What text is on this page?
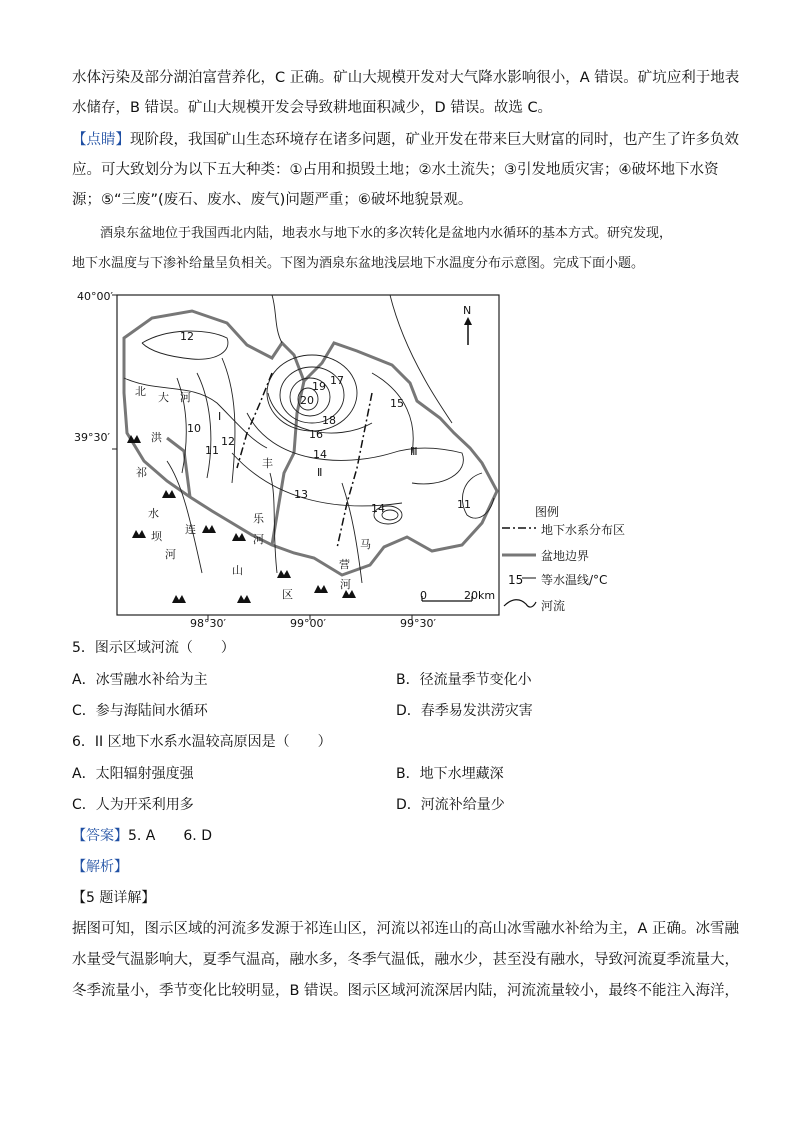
水体污染及部分湖泊富营养化，C 正确。矿山大规模开发对大气降水影响很小，A 错误。矿坑应利于地表
水储存，B 错误。矿山大规模开发会导致耕地面积减少，D 错误。故选 C。
【点睛】现阶段，我国矿山生态环境存在诸多问题，矿业开发在带来巨大财富的同时，也产生了许多负效
应。可大致划分为以下五大种类：①占用和损毁土地；②水土流失；③引发地质灾害；④破坏地下水资
源；⑤“三废”(废石、废水、废气)问题严重；⑥破坏地貌景观。
酒泉东盆地位于我国西北内陆，地表水与地下水的多次转化是盆地内水循环的基本方式。研究发现，
地下水温度与下渗补给量呈负相关。下图为酒泉东盆地浅层地下水温度分布示意图。完成下面小题。
40°00′
39°30′
98°30′	99°00′	99°30′
N
0	20km
12
19 17
20
18
16
15
14
10
12
11
13
14	11
Ⅰ
Ⅱ
Ⅲ
北 大 河
洪
水
坝
河
丰
乐
河	马
营
河
祁
连
山
区
图例
地下水系分布区
盆地边界
15 等水温线/°C
河流
5．图示区域河流（　　）
A．冰雪融水补给为主	B．径流量季节变化小
C．参与海陆间水循环	D．春季易发洪涝灾害
6．II 区地下水系水温较高原因是（　　）
A．太阳辐射强度强	B．地下水埋藏深
C．人为开采利用多	D．河流补给量少
【答案】5. A　　6. D
【解析】
【5 题详解】
据图可知，图示区域的河流多发源于祁连山区，河流以祁连山的高山冰雪融水补给为主，A 正确。冰雪融
水量受气温影响大，夏季气温高，融水多，冬季气温低，融水少，甚至没有融水，导致河流夏季流量大，
冬季流量小，季节变化比较明显，B 错误。图示区域河流深居内陆，河流流量较小，最终不能注入海洋，
